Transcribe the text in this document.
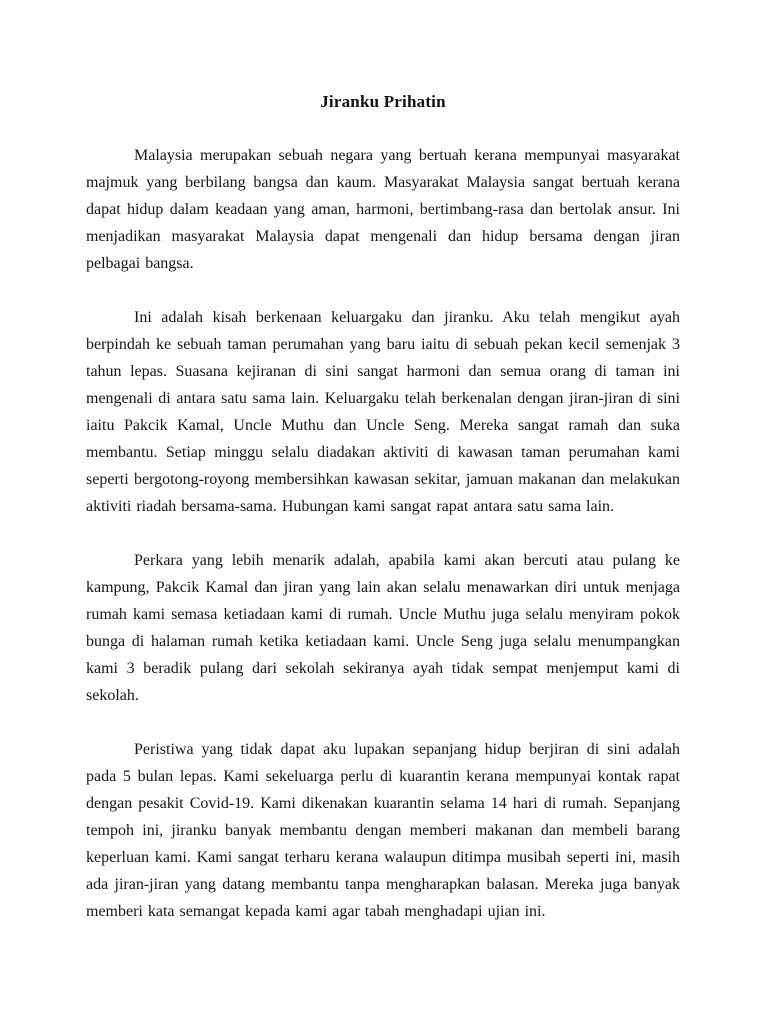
Jiranku Prihatin

Malaysia merupakan sebuah negara yang bertuah kerana mempunyai masyarakat majmuk yang berbilang bangsa dan kaum. Masyarakat Malaysia sangat bertuah kerana dapat hidup dalam keadaan yang aman, harmoni, bertimbang-rasa dan bertolak ansur. Ini menjadikan masyarakat Malaysia dapat mengenali dan hidup bersama dengan jiran pelbagai bangsa.

Ini adalah kisah berkenaan keluargaku dan jiranku. Aku telah mengikut ayah berpindah ke sebuah taman perumahan yang baru iaitu di sebuah pekan kecil semenjak 3 tahun lepas. Suasana kejiranan di sini sangat harmoni dan semua orang di taman ini mengenali di antara satu sama lain. Keluargaku telah berkenalan dengan jiran-jiran di sini iaitu Pakcik Kamal, Uncle Muthu dan Uncle Seng. Mereka sangat ramah dan suka membantu. Setiap minggu selalu diadakan aktiviti di kawasan taman perumahan kami seperti bergotong-royong membersihkan kawasan sekitar, jamuan makanan dan melakukan aktiviti riadah bersama-sama. Hubungan kami sangat rapat antara satu sama lain.

Perkara yang lebih menarik adalah, apabila kami akan bercuti atau pulang ke kampung, Pakcik Kamal dan jiran yang lain akan selalu menawarkan diri untuk menjaga rumah kami semasa ketiadaan kami di rumah. Uncle Muthu juga selalu menyiram pokok bunga di halaman rumah ketika ketiadaan kami. Uncle Seng juga selalu menumpangkan kami 3 beradik pulang dari sekolah sekiranya ayah tidak sempat menjemput kami di sekolah.

Peristiwa yang tidak dapat aku lupakan sepanjang hidup berjiran di sini adalah pada 5 bulan lepas. Kami sekeluarga perlu di kuarantin kerana mempunyai kontak rapat dengan pesakit Covid-19. Kami dikenakan kuarantin selama 14 hari di rumah. Sepanjang tempoh ini, jiranku banyak membantu dengan memberi makanan dan membeli barang keperluan kami. Kami sangat terharu kerana walaupun ditimpa musibah seperti ini, masih ada jiran-jiran yang datang membantu tanpa mengharapkan balasan. Mereka juga banyak memberi kata semangat kepada kami agar tabah menghadapi ujian ini.
